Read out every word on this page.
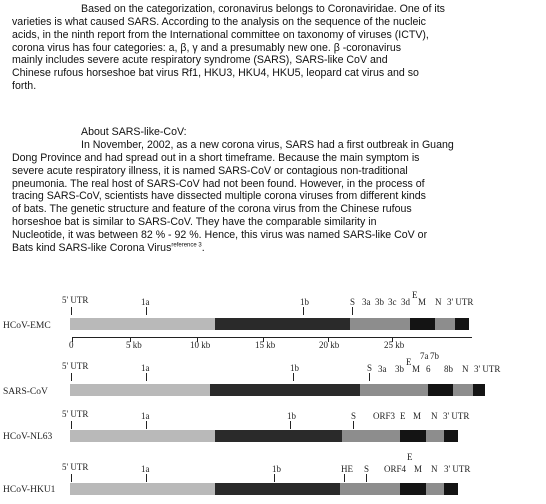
Based on the categorization, coronavirus belongs to Coronaviridae. One of its
varieties is what caused SARS. According to the analysis on the sequence of the nucleic
acids, in the ninth report from the International committee on taxonomy of viruses (ICTV),
corona virus has four categories: a, β, γ and a presumably new one. β -coronavirus
mainly includes severe acute respiratory syndrome (SARS), SARS-like CoV and
Chinese rufous horseshoe bat virus Rf1, HKU3, HKU4, HKU5, leopard cat virus and so
forth.
About SARS-like-CoV:
In November, 2002, as a new corona virus, SARS had a first outbreak in Guang
Dong Province and had spread out in a short timeframe. Because the main symptom is
severe acute respiratory illness, it is named SARS-CoV or contagious non-traditional
pneumonia. The real host of SARS-CoV had not been found. However, in the process of
tracing SARS-CoV, scientists have dissected multiple corona viruses from different kinds
of bats. The genetic structure and feature of the corona virus from the Chinese rufous
horseshoe bat is similar to SARS-CoV. They have the comparable similarity in
Nucleotide, it was between 82 % - 92 %. Hence, this virus was named SARS-like CoV or
Bats kind SARS-like Corona Virus$^{reference 3}$.
5' UTR	1a	1b	S 3a 3b 3c 3d
E
M N 3' UTR
HCoV-EMC
0	5 kb	10 kb	15 kb	20 kb	25 kb
5' UTR	1a	1b	S 3a 3b
7a 7b
E
M 6 8b N 3' UTR
SARS-CoV
5' UTR	1a	1b	S ORF3 E M N 3' UTR
HCoV-NL63
5' UTR	1a	1b	HE S ORF4
E
M N 3' UTR
HCoV-HKU1
